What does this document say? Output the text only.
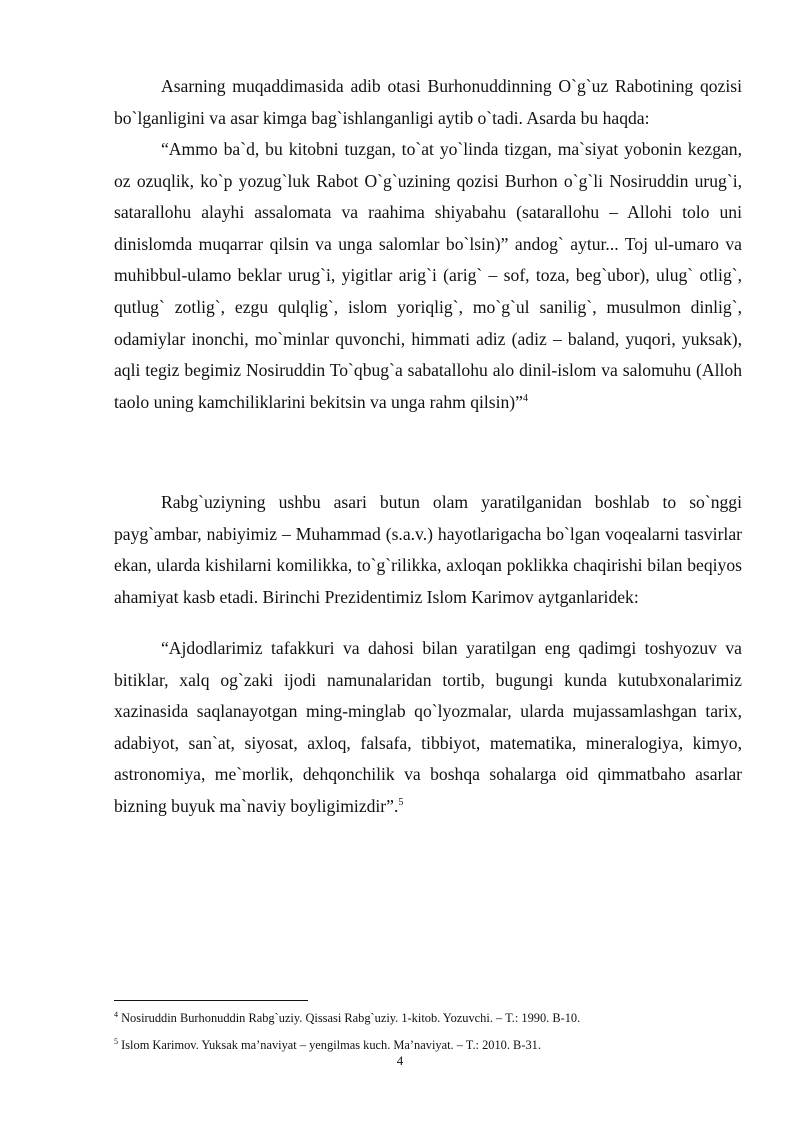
Asarning muqaddimasida adib otasi Burhonuddinning O`g`uz Rabotining qozisi bo`lganligini va asar kimga bag`ishlanganligi aytib o`tadi. Asarda bu haqda:

“Ammo ba`d, bu kitobni tuzgan, to`at yo`linda tizgan, ma`siyat yobonin kezgan, oz ozuqlik, ko`p yozug`luk Rabot O`g`uzining qozisi Burhon o`g`li Nosiruddin urug`i, satarallohu alayhi assalomata va raahima shiyabahu (satarallohu – Allohi tolo uni dinislomda muqarrar qilsin va unga salomlar bo`lsin)” andog` aytur... Toj ul-umaro va muhibbul-ulamo beklar urug`i, yigitlar arig`i (arig` – sof, toza, beg`ubor), ulug` otlig`, qutlug` zotlig`, ezgu qulqlig`, islom yoriqlig`, mo`g`ul sanilig`, musulmon dinlig`, odamiylar inonchi, mo`minlar quvonchi, himmati adiz (adiz – baland, yuqori, yuksak), aqli tegiz begimiz Nosiruddin To`qbug`a sabatallohu alo dinil-islom va salomuhu (Alloh taolo uning kamchiliklarini bekitsin va unga rahm qilsin)”$^4$

Rabg`uziyning ushbu asari butun olam yaratilganidan boshlab to so`nggi payg`ambar, nabiyimiz – Muhammad (s.a.v.) hayotlarigacha bo`lgan voqealarni tasvirlar ekan, ularda kishilarni komilikka, to`g`rilikka, axloqan poklikka chaqirishi bilan beqiyos ahamiyat kasb etadi. Birinchi Prezidentimiz Islom Karimov aytganlaridek:

“Ajdodlarimiz tafakkuri va dahosi bilan yaratilgan eng qadimgi toshyozuv va bitiklar, xalq og`zaki ijodi namunalaridan tortib, bugungi kunda kutubxonalarimiz xazinasida saqlanayotgan ming-minglab qo`lyozmalar, ularda mujassamlashgan tarix, adabiyot, san`at, siyosat, axloq, falsafa, tibbiyot, matematika, mineralogiya, kimyo, astronomiya, me`morlik, dehqonchilik va boshqa sohalarga oid qimmatbaho asarlar bizning buyuk ma`naviy boyligimizdir”.$^5$

$^4$ Nosiruddin Burhonuddin Rabg`uziy. Qissasi Rabg`uziy. 1-kitob. Yozuvchi. – T.: 1990. B-10.

$^5$ Islom Karimov. Yuksak ma’naviyat – yengilmas kuch. Ma’naviyat. – T.: 2010. B-31.

4
